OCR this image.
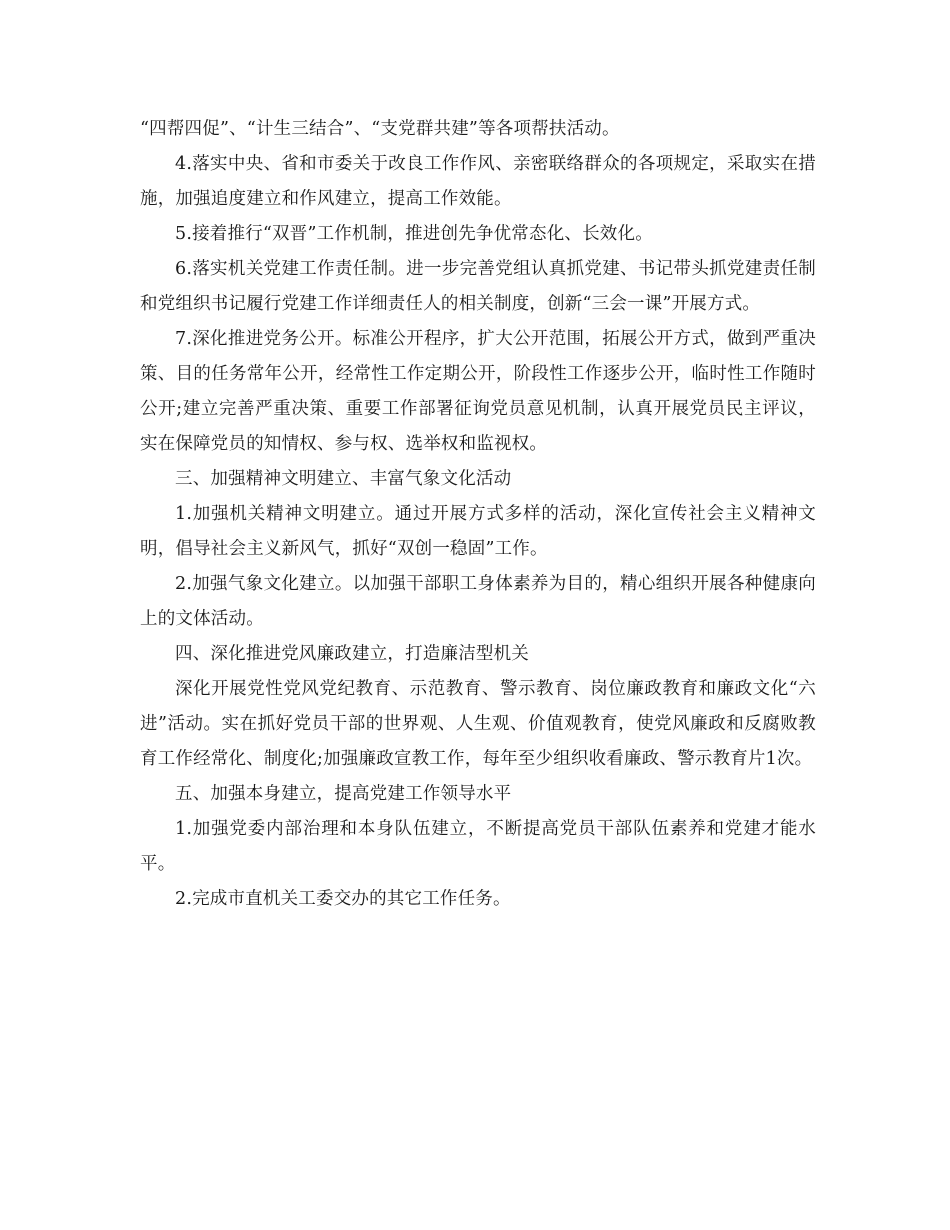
“四帮四促”、“计生三结合”、“支党群共建”等各项帮扶活动。

4.落实中央、省和市委关于改良工作作风、亲密联络群众的各项规定，采取实在措施，加强追度建立和作风建立，提高工作效能。

5.接着推行“双晋”工作机制，推进创先争优常态化、长效化。

6.落实机关党建工作责任制。进一步完善党组认真抓党建、书记带头抓党建责任制和党组织书记履行党建工作详细责任人的相关制度，创新“三会一课”开展方式。

7.深化推进党务公开。标准公开程序，扩大公开范围，拓展公开方式，做到严重决策、目的任务常年公开，经常性工作定期公开，阶段性工作逐步公开，临时性工作随时公开;建立完善严重决策、重要工作部署征询党员意见机制，认真开展党员民主评议，实在保障党员的知情权、参与权、选举权和监视权。

三、加强精神文明建立、丰富气象文化活动

1.加强机关精神文明建立。通过开展方式多样的活动，深化宣传社会主义精神文明，倡导社会主义新风气，抓好“双创一稳固”工作。

2.加强气象文化建立。以加强干部职工身体素养为目的，精心组织开展各种健康向上的文体活动。

四、深化推进党风廉政建立，打造廉洁型机关

深化开展党性党风党纪教育、示范教育、警示教育、岗位廉政教育和廉政文化“六进”活动。实在抓好党员干部的世界观、人生观、价值观教育，使党风廉政和反腐败教育工作经常化、制度化;加强廉政宣教工作，每年至少组织收看廉政、警示教育片1次。

五、加强本身建立，提高党建工作领导水平

1.加强党委内部治理和本身队伍建立，不断提高党员干部队伍素养和党建才能水平。

2.完成市直机关工委交办的其它工作任务。
